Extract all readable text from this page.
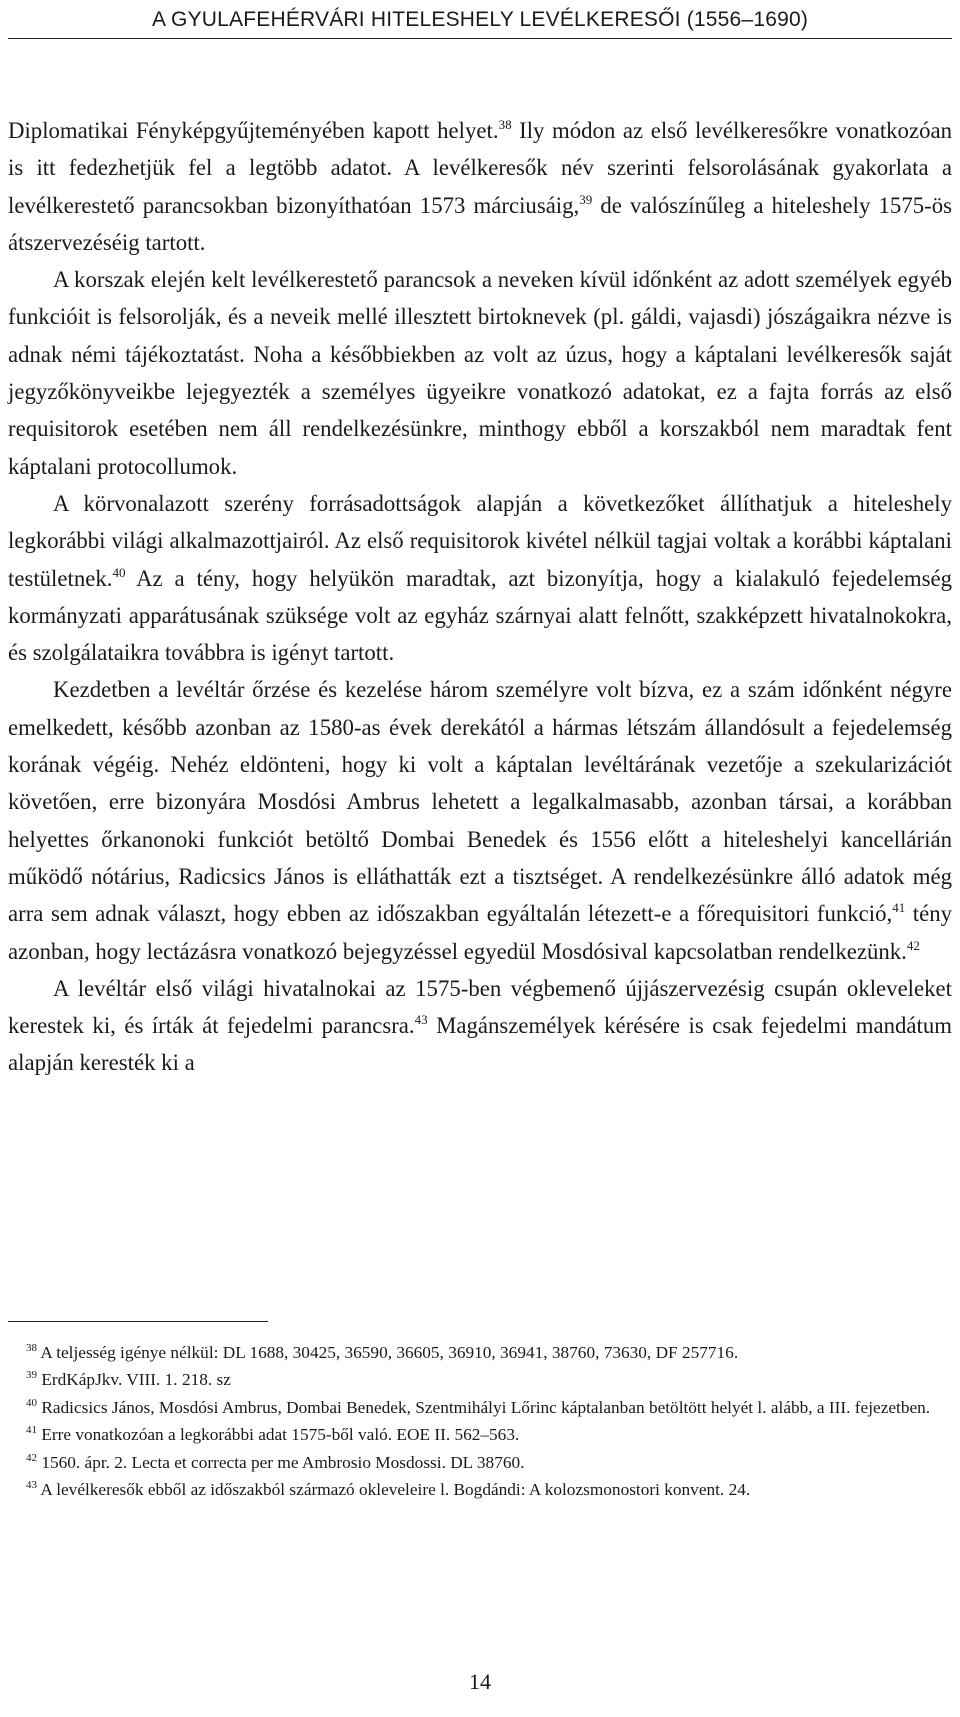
A GYULAFEHÉRVÁRI HITELESHELY LEVÉLKERESŐI (1556–1690)

Diplomatikai Fényképgyűjteményében kapott helyet.$^{38}$ Ily módon az első levélkeresőkre vonatkozóan is itt fedezhetjük fel a legtöbb adatot. A levélkeresők név szerinti felsorolásának gyakorlata a levélkerestető parancsokban bizonyíthatóan 1573 márciusáig,$^{39}$ de valószínűleg a hiteleshely 1575-ös átszervezéséig tartott.

A korszak elején kelt levélkerestető parancsok a neveken kívül időnként az adott személyek egyéb funkcióit is felsorolják, és a neveik mellé illesztett birtoknevek (pl. gáldi, vajasdi) jószágaikra nézve is adnak némi tájékoztatást. Noha a későbbiekben az volt az úzus, hogy a káptalani levélkeresők saját jegyzőkönyveikbe lejegyezték a személyes ügyeikre vonatkozó adatokat, ez a fajta forrás az első requisitorok esetében nem áll rendelkezésünkre, minthogy ebből a korszakból nem maradtak fent káptalani protocollumok.

A körvonalazott szerény forrásadottságok alapján a következőket állíthatjuk a hiteleshely legkorábbi világi alkalmazottjairól. Az első requisitorok kivétel nélkül tagjai voltak a korábbi káptalani testületnek.$^{40}$ Az a tény, hogy helyükön maradtak, azt bizonyítja, hogy a kialakuló fejedelemség kormányzati apparátusának szüksége volt az egyház szárnyai alatt felnőtt, szakképzett hivatalnokokra, és szolgálataikra továbbra is igényt tartott.

Kezdetben a levéltár őrzése és kezelése három személyre volt bízva, ez a szám időnként négyre emelkedett, később azonban az 1580-as évek derekától a hármas létszám állandósult a fejedelemség korának végéig. Nehéz eldönteni, hogy ki volt a káptalan levéltárának vezetője a szekularizációt követően, erre bizonyára Mosdósi Ambrus lehetett a legalkalmasabb, azonban társai, a korábban helyettes őrkanonoki funkciót betöltő Dombai Benedek és 1556 előtt a hiteleshelyi kancellárián működő nótárius, Radicsics János is elláthatták ezt a tisztséget. A rendelkezésünkre álló adatok még arra sem adnak választ, hogy ebben az időszakban egyáltalán létezett-e a főrequisitori funkció,$^{41}$ tény azonban, hogy lectázásra vonatkozó bejegyzéssel egyedül Mosdósival kapcsolatban rendelkezünk.$^{42}$

A levéltár első világi hivatalnokai az 1575-ben végbemenő újjászervezésig csupán okleveleket kerestek ki, és írták át fejedelmi parancsra.$^{43}$ Magánszemélyek kérésére is csak fejedelmi mandátum alapján keresték ki a

$^{38}$ A teljesség igénye nélkül: DL 1688, 30425, 36590, 36605, 36910, 36941, 38760, 73630, DF 257716.

$^{39}$ ErdKápJkv. VIII. 1. 218. sz

$^{40}$ Radicsics János, Mosdósi Ambrus, Dombai Benedek, Szentmihályi Lőrinc káptalanban betöltött helyét l. alább, a III. fejezetben.

$^{41}$ Erre vonatkozóan a legkorábbi adat 1575-ből való. EOE II. 562–563.

$^{42}$ 1560. ápr. 2. Lecta et correcta per me Ambrosio Mosdossi. DL 38760.

$^{43}$ A levélkeresők ebből az időszakból származó okleveleire l. Bogdándi: A kolozsmonostori konvent. 24.

14
